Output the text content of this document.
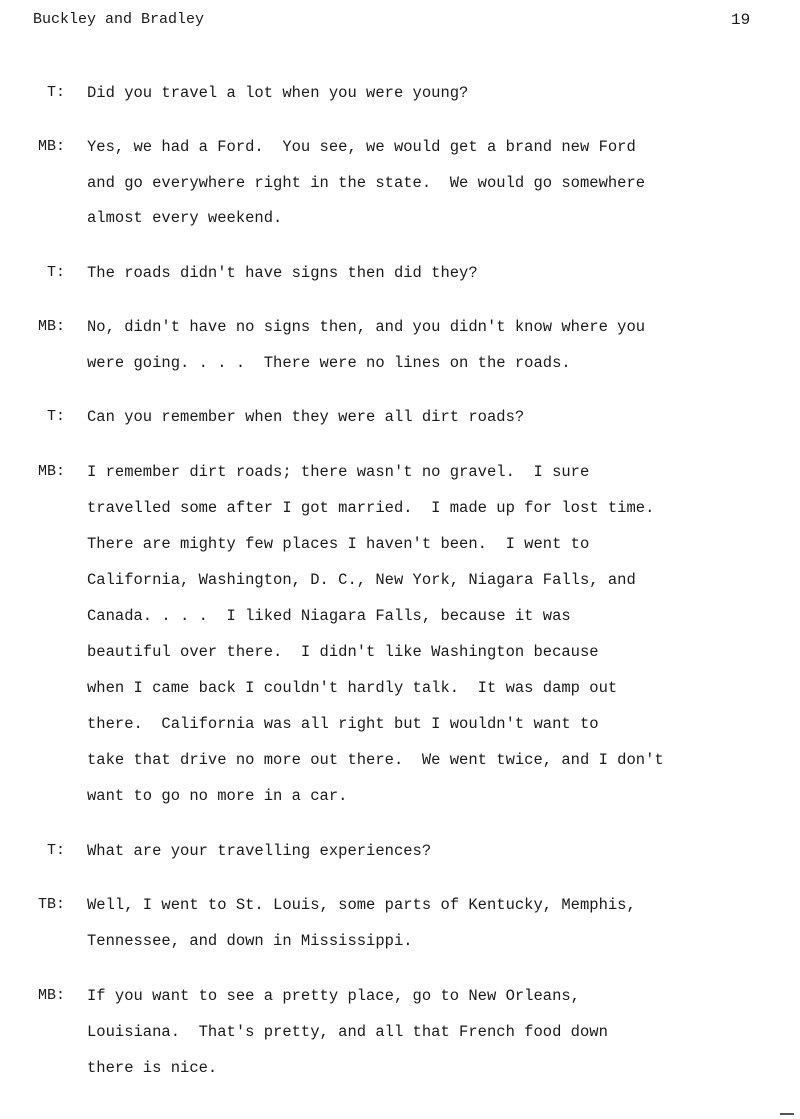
Buckley and Bradley	19
T: Did you travel a lot when you were young?
MB: Yes, we had a Ford.  You see, we would get a brand new Ford
and go everywhere right in the state.  We would go somewhere
almost every weekend.
T: The roads didn't have signs then did they?
MB: No, didn't have no signs then, and you didn't know where you
were going. . . .  There were no lines on the roads.
T: Can you remember when they were all dirt roads?
MB: I remember dirt roads; there wasn't no gravel.  I sure
travelled some after I got married.  I made up for lost time.
There are mighty few places I haven't been.  I went to
California, Washington, D. C., New York, Niagara Falls, and
Canada. . . .  I liked Niagara Falls, because it was
beautiful over there.  I didn't like Washington because
when I came back I couldn't hardly talk.  It was damp out
there.  California was all right but I wouldn't want to
take that drive no more out there.  We went twice, and I don't
want to go no more in a car.
T: What are your travelling experiences?
TB: Well, I went to St. Louis, some parts of Kentucky, Memphis,
Tennessee, and down in Mississippi.
MB: If you want to see a pretty place, go to New Orleans,
Louisiana.  That's pretty, and all that French food down
there is nice.
